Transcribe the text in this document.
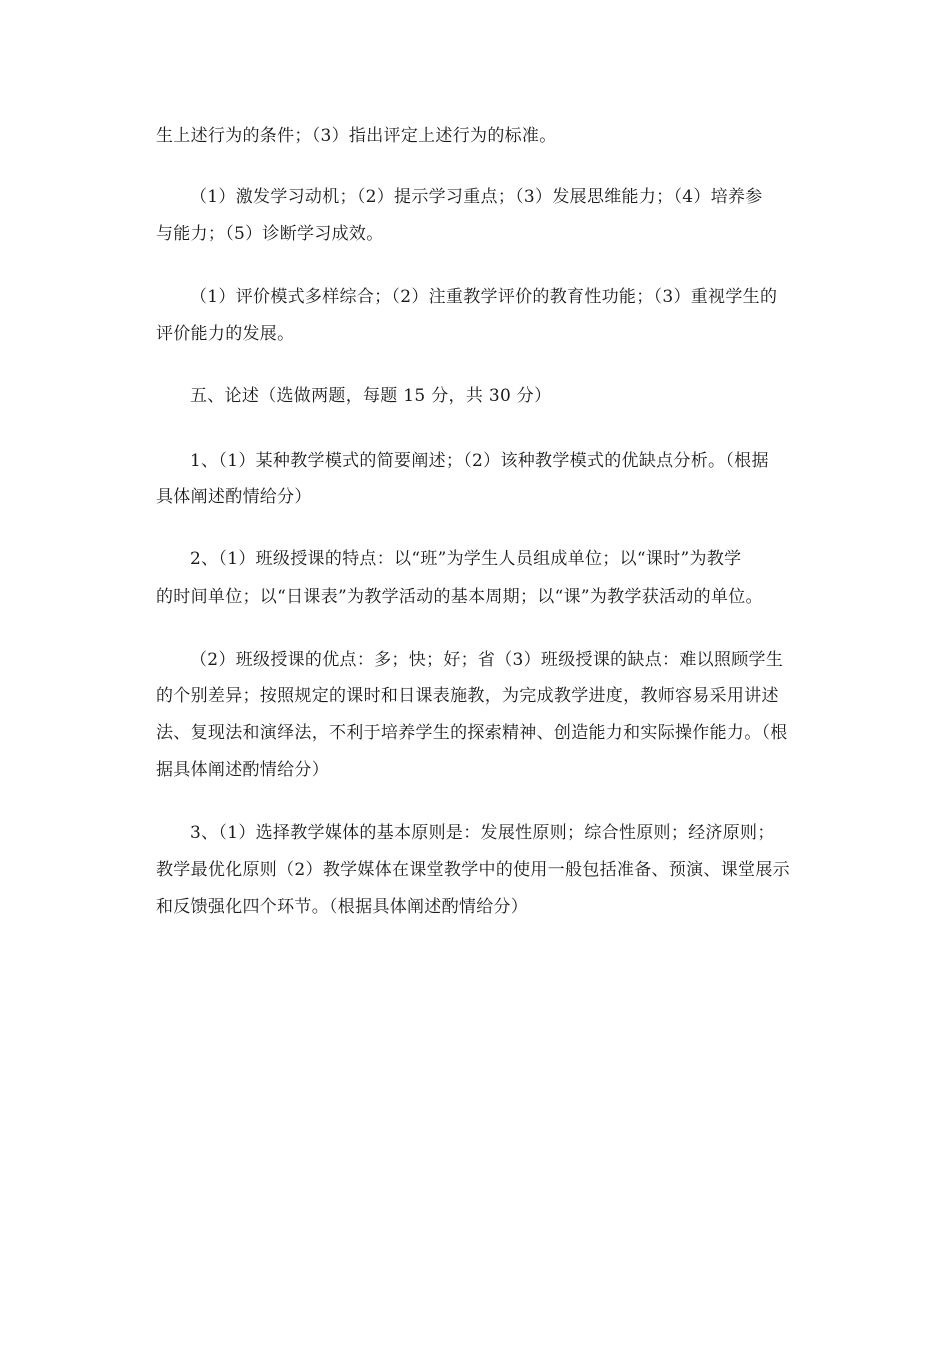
生上述行为的条件；（3）指出评定上述行为的标准。
（1）激发学习动机；（2）提示学习重点；（3）发展思维能力；（4）培养参
与能力；（5）诊断学习成效。
（1）评价模式多样综合；（2）注重教学评价的教育性功能；（3）重视学生的
评价能力的发展。
五、论述（选做两题，每题 15 分，共 30 分）
1、（1）某种教学模式的简要阐述；（2）该种教学模式的优缺点分析。（根据
具体阐述酌情给分）
2、（1）班级授课的特点：以“班”为学生人员组成单位；以“课时”为教学
的时间单位；以“日课表”为教学活动的基本周期；以“课”为教学获活动的单位。
（2）班级授课的优点：多；快；好；省（3）班级授课的缺点：难以照顾学生
的个别差异；按照规定的课时和日课表施教，为完成教学进度，教师容易采用讲述
法、复现法和演绎法，不利于培养学生的探索精神、创造能力和实际操作能力。（根
据具体阐述酌情给分）
3、（1）选择教学媒体的基本原则是：发展性原则；综合性原则；经济原则；
教学最优化原则（2）教学媒体在课堂教学中的使用一般包括准备、预演、课堂展示
和反馈强化四个环节。（根据具体阐述酌情给分）
